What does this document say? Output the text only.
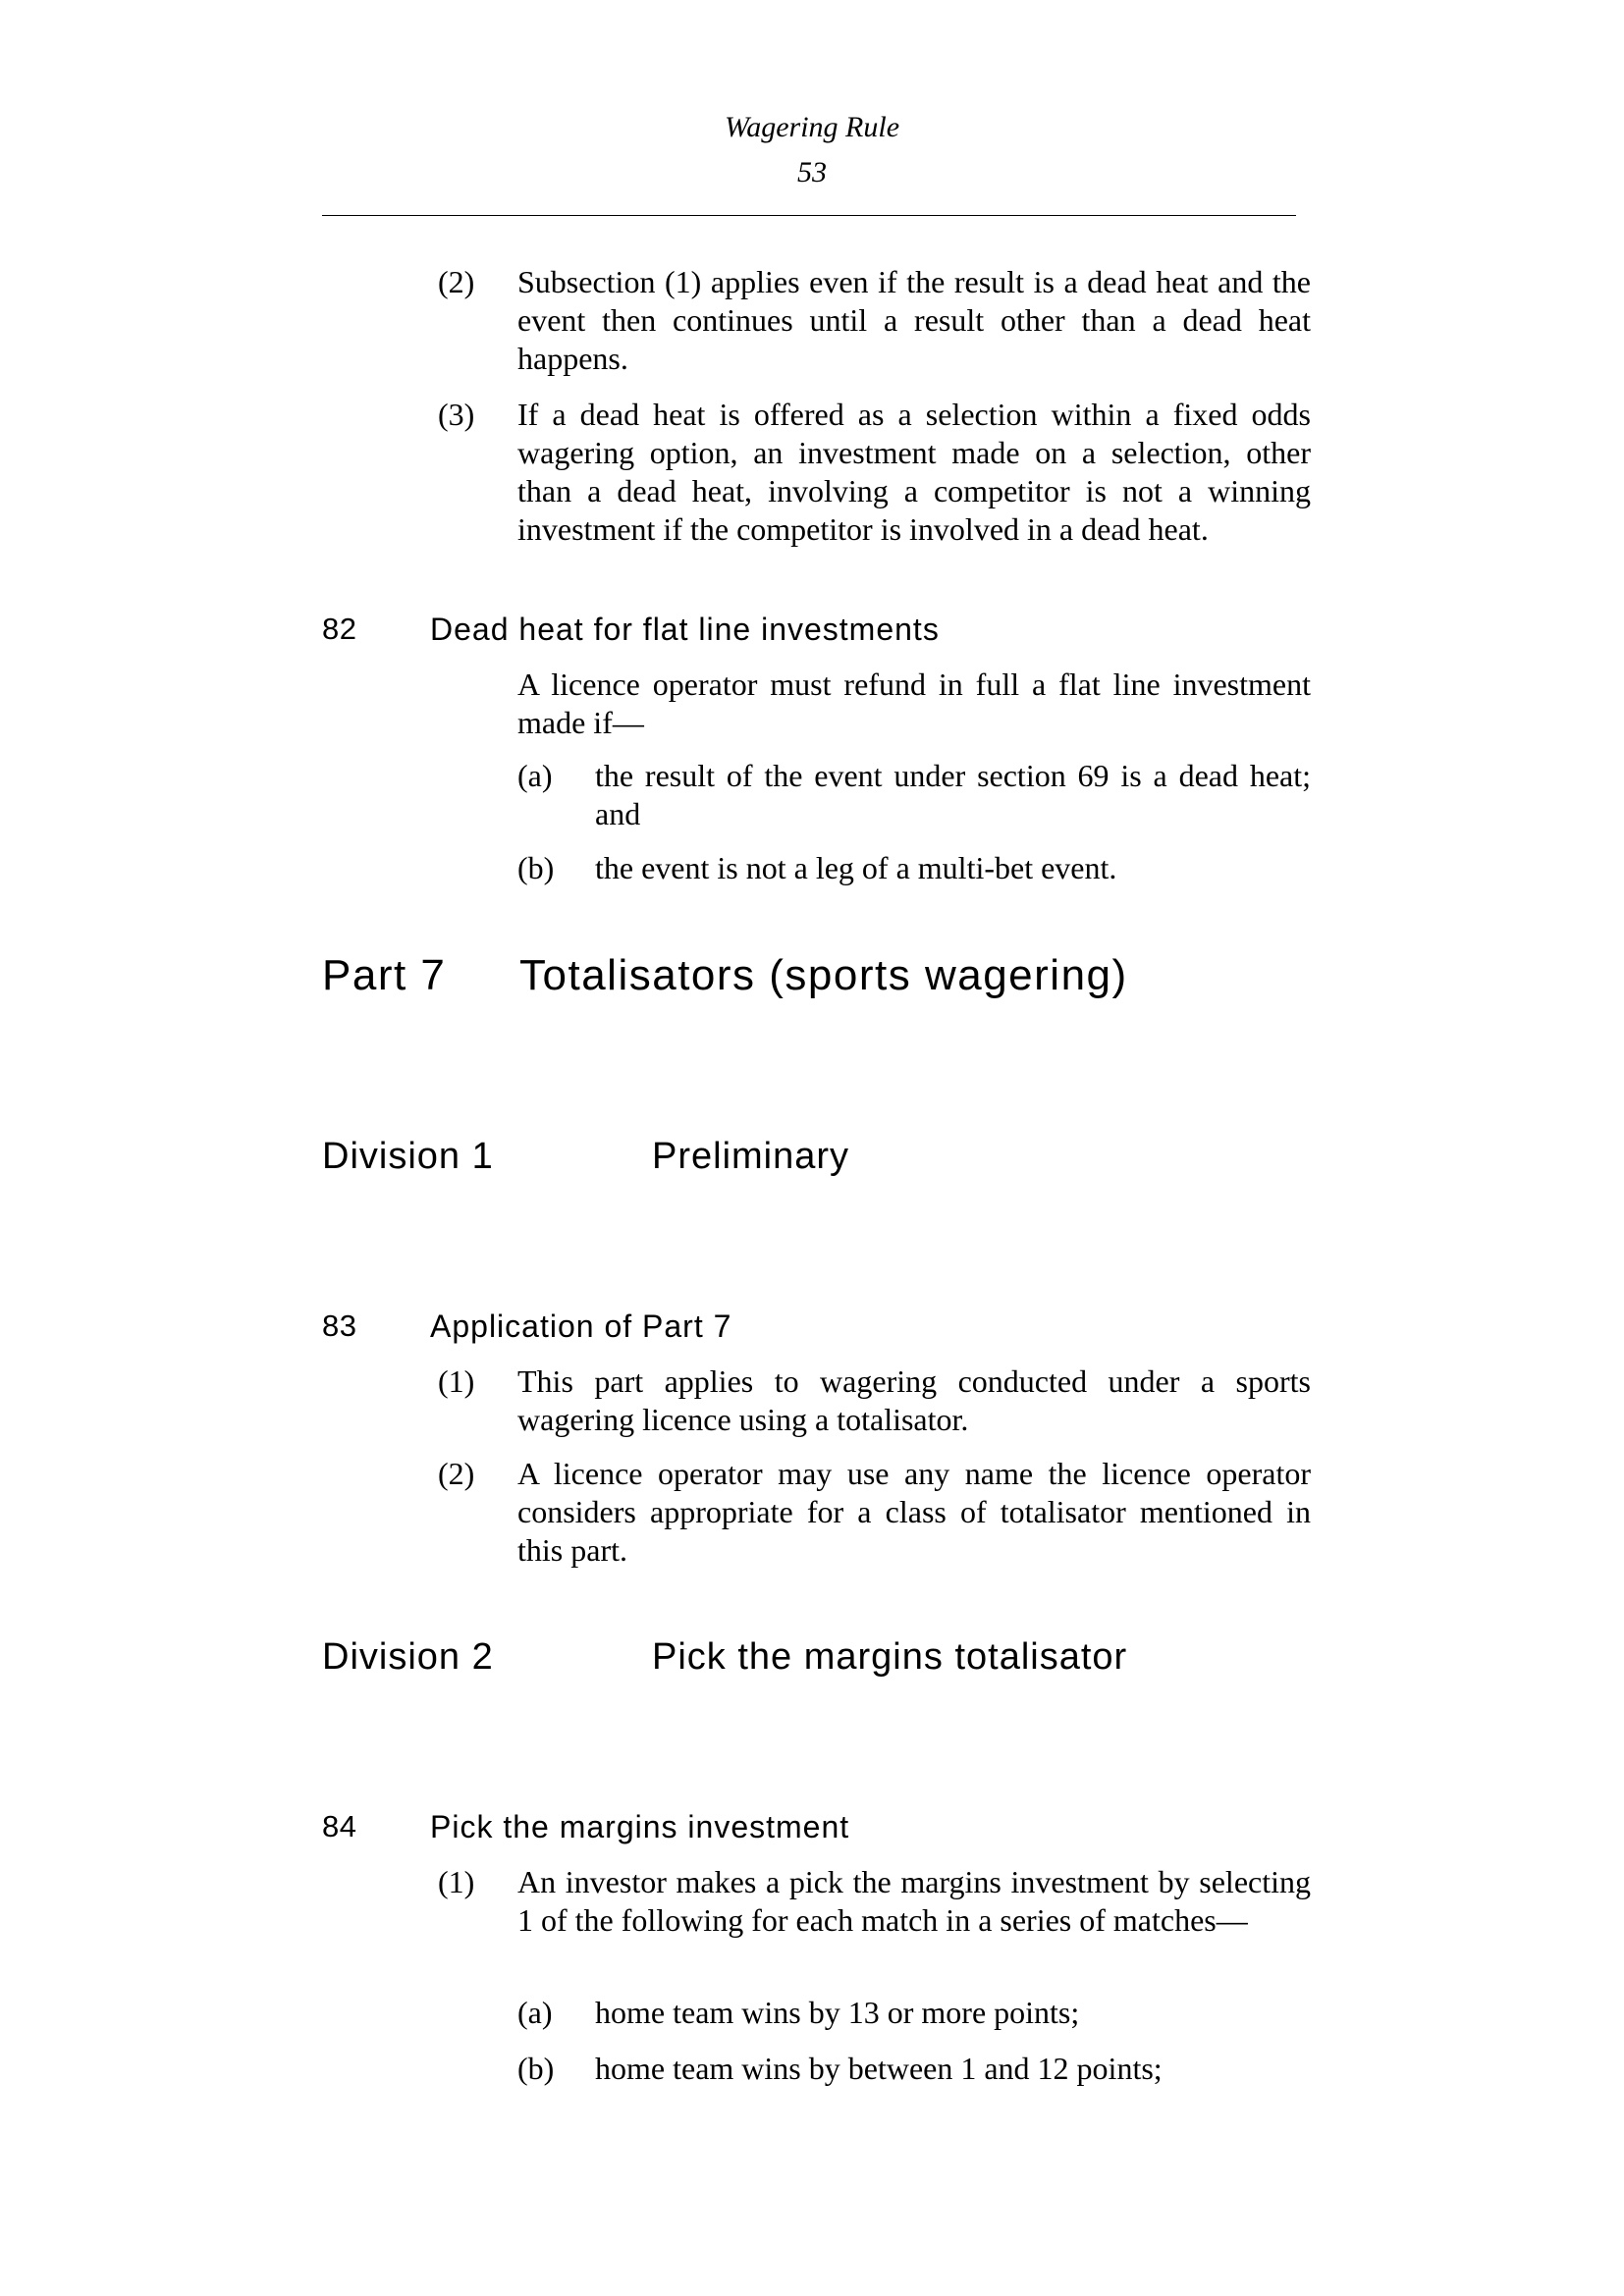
Wagering Rule
53
(2) Subsection (1) applies even if the result is a dead heat and the event then continues until a result other than a dead heat happens.
(3) If a dead heat is offered as a selection within a fixed odds wagering option, an investment made on a selection, other than a dead heat, involving a competitor is not a winning investment if the competitor is involved in a dead heat.
82 Dead heat for flat line investments
A licence operator must refund in full a flat line investment made if—
(a) the result of the event under section 69 is a dead heat; and
(b) the event is not a leg of a multi-bet event.
Part 7 Totalisators (sports wagering)
Division 1	Preliminary
83 Application of Part 7
(1) This part applies to wagering conducted under a sports wagering licence using a totalisator.
(2) A licence operator may use any name the licence operator considers appropriate for a class of totalisator mentioned in this part.
Division 2	Pick the margins totalisator
84 Pick the margins investment
(1) An investor makes a pick the margins investment by selecting 1 of the following for each match in a series of matches—
(a) home team wins by 13 or more points;
(b) home team wins by between 1 and 12 points;
